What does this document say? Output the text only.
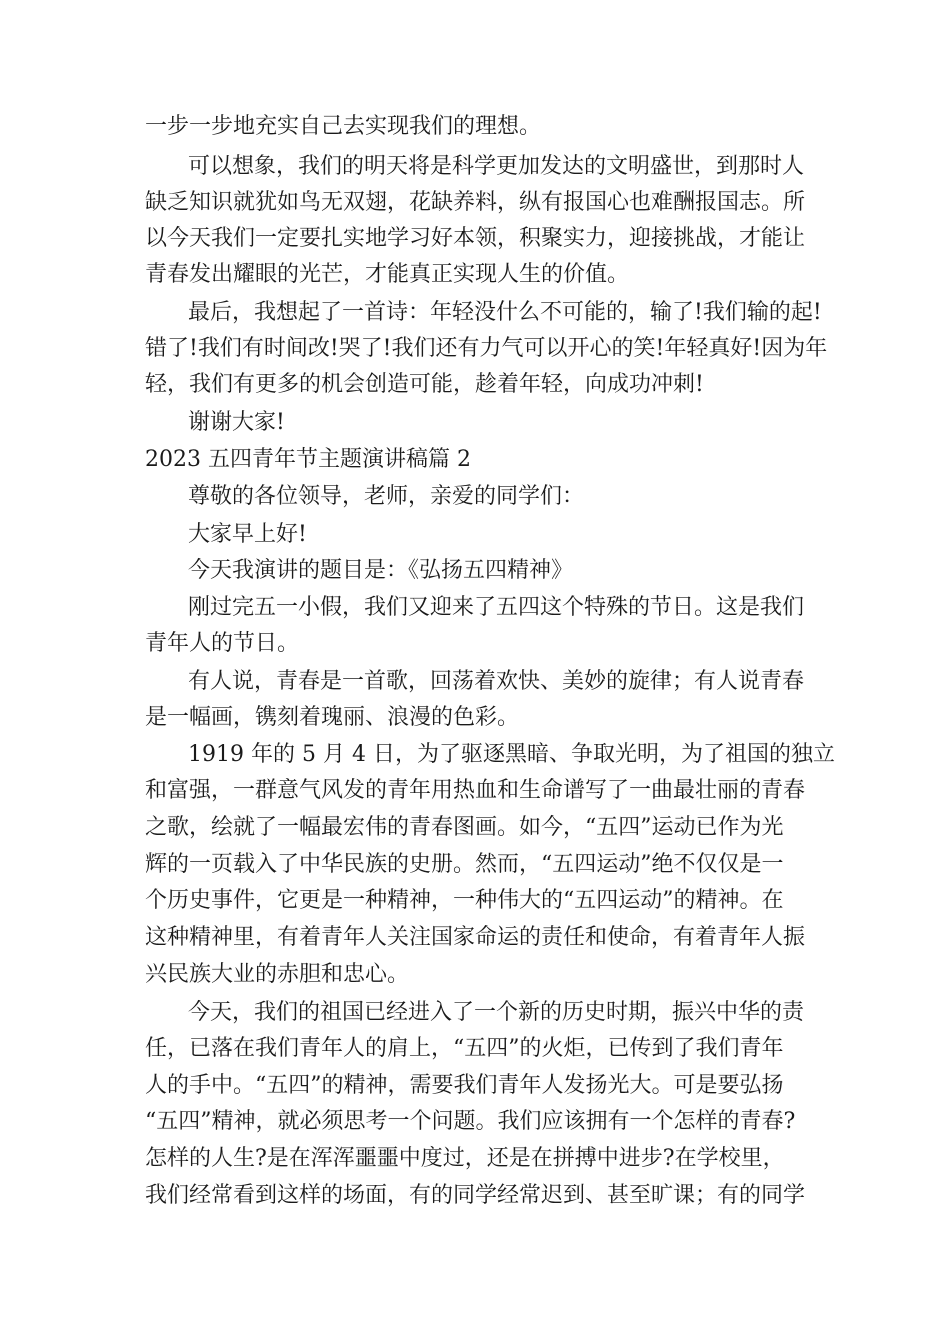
一步一步地充实自己去实现我们的理想。
可以想象，我们的明天将是科学更加发达的文明盛世，到那时人
缺乏知识就犹如鸟无双翅，花缺养料，纵有报国心也难酬报国志。所
以今天我们一定要扎实地学习好本领，积聚实力，迎接挑战，才能让
青春发出耀眼的光芒，才能真正实现人生的价值。
最后，我想起了一首诗：年轻没什么不可能的，输了!我们输的起!
错了!我们有时间改!哭了!我们还有力气可以开心的笑!年轻真好!因为年
轻，我们有更多的机会创造可能，趁着年轻，向成功冲刺!
谢谢大家!
2023 五四青年节主题演讲稿篇 2
尊敬的各位领导，老师，亲爱的同学们：
大家早上好!
今天我演讲的题目是：《弘扬五四精神》
刚过完五一小假，我们又迎来了五四这个特殊的节日。这是我们
青年人的节日。
有人说，青春是一首歌，回荡着欢快、美妙的旋律；有人说青春
是一幅画，镌刻着瑰丽、浪漫的色彩。
1919 年的 5 月 4 日，为了驱逐黑暗、争取光明，为了祖国的独立
和富强，一群意气风发的青年用热血和生命谱写了一曲最壮丽的青春
之歌，绘就了一幅最宏伟的青春图画。如今，“五四”运动已作为光
辉的一页载入了中华民族的史册。然而，“五四运动”绝不仅仅是一
个历史事件，它更是一种精神，一种伟大的“五四运动”的精神。在
这种精神里，有着青年人关注国家命运的责任和使命，有着青年人振
兴民族大业的赤胆和忠心。
今天，我们的祖国已经进入了一个新的历史时期，振兴中华的责
任，已落在我们青年人的肩上，“五四”的火炬，已传到了我们青年
人的手中。“五四”的精神，需要我们青年人发扬光大。可是要弘扬
“五四”精神，就必须思考一个问题。我们应该拥有一个怎样的青春?
怎样的人生?是在浑浑噩噩中度过，还是在拼搏中进步?在学校里，
我们经常看到这样的场面，有的同学经常迟到、甚至旷课；有的同学
